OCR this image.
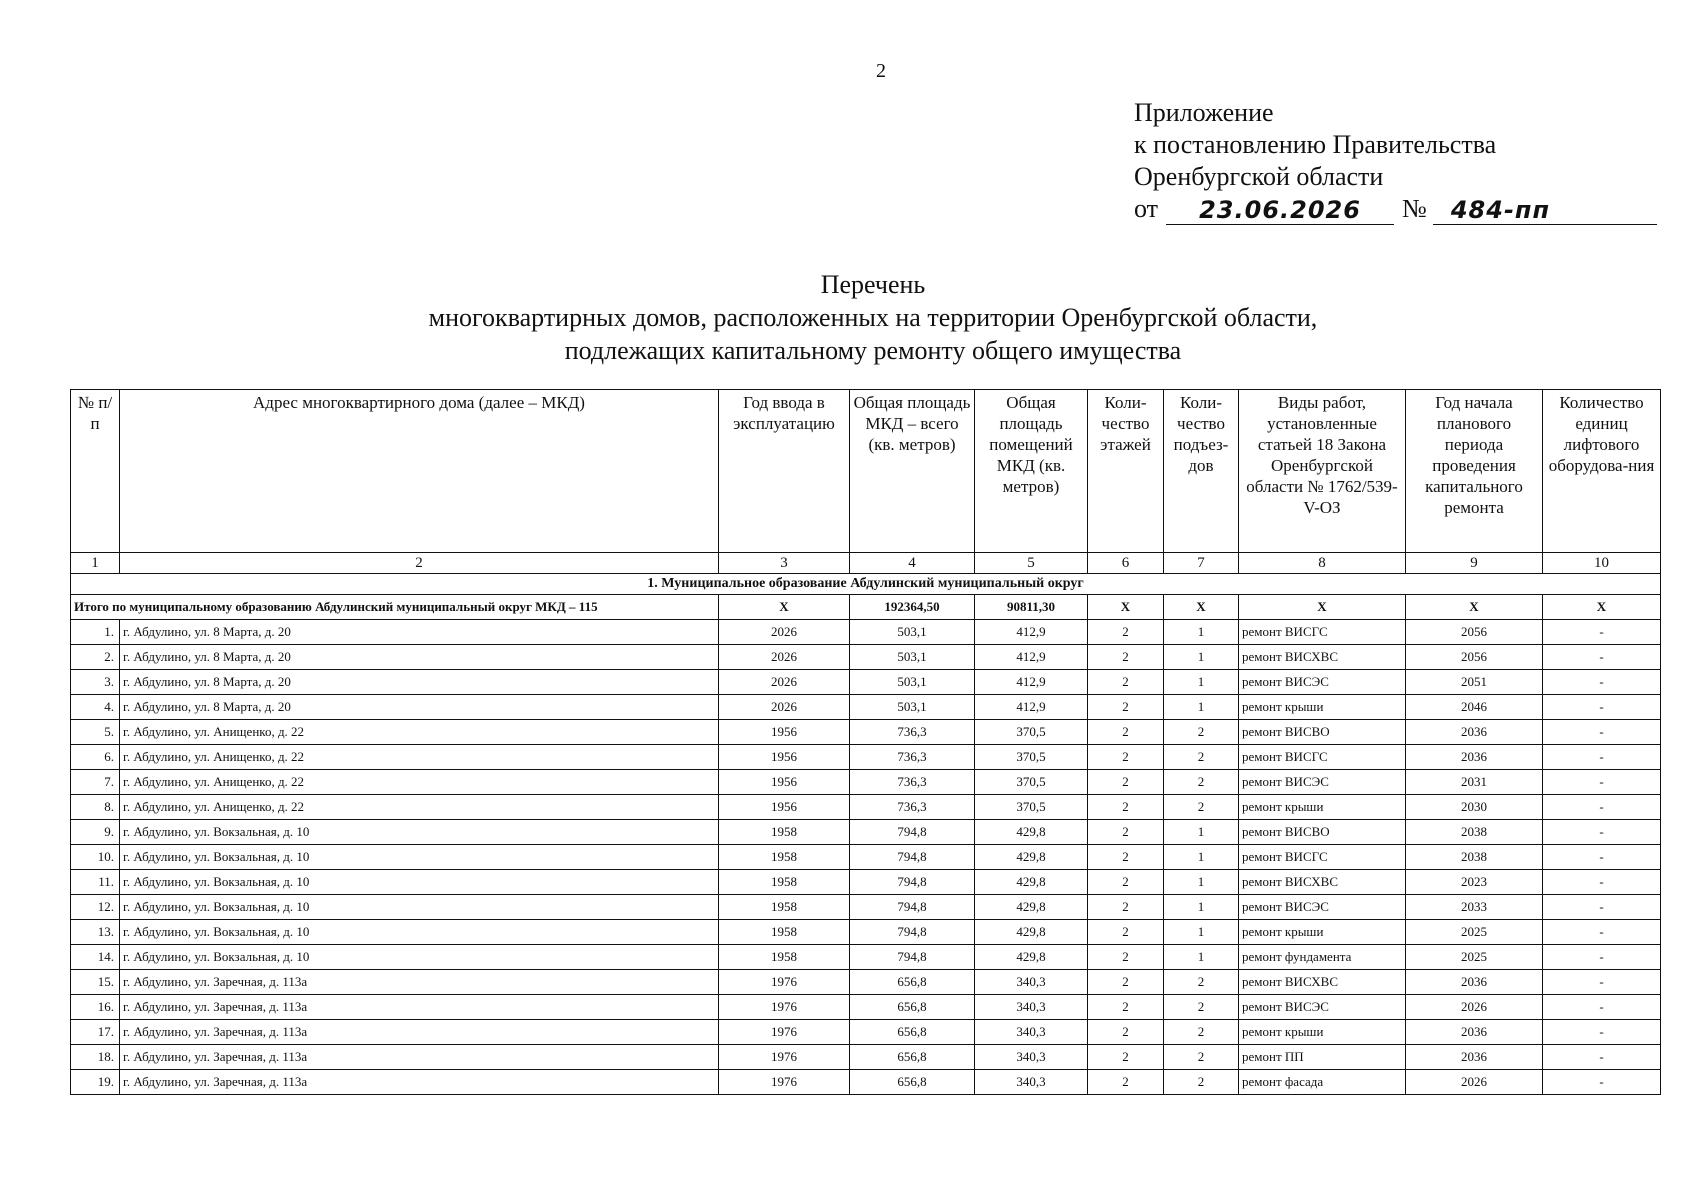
2
Приложение
к постановлению Правительства
Оренбургской области
от	23.06.2026	№	484-пп
Перечень
многоквартирных домов, расположенных на территории Оренбургской области,
подлежащих капитальному ремонту общего имущества
№ п/п	Адрес многоквартирного дома (далее – МКД)	Год ввода в эксплуатацию	Общая площадь МКД – всего (кв. метров)	Общая площадь помещений МКД (кв. метров)	Коли-чество этажей	Коли-чество подъез-дов	Виды работ, установленные статьей 18 Закона Оренбургской области № 1762/539-V-ОЗ	Год начала планового периода проведения капитального ремонта	Количество единиц лифтового оборудова-ния
1	2	3	4	5	6	7	8	9	10
1. Муниципальное образование Абдулинский муниципальный округ									
Итого по муниципальному образованию Абдулинский муниципальный округ МКД – 115		Х	192364,50	90811,30	Х	Х	Х	Х	Х
1.	г. Абдулино, ул. 8 Марта, д. 20	2026	503,1	412,9	2	1	ремонт ВИСГС	2056	-
2.	г. Абдулино, ул. 8 Марта, д. 20	2026	503,1	412,9	2	1	ремонт ВИСХВС	2056	-
3.	г. Абдулино, ул. 8 Марта, д. 20	2026	503,1	412,9	2	1	ремонт ВИСЭС	2051	-
4.	г. Абдулино, ул. 8 Марта, д. 20	2026	503,1	412,9	2	1	ремонт крыши	2046	-
5.	г. Абдулино, ул. Анищенко, д. 22	1956	736,3	370,5	2	2	ремонт ВИСВО	2036	-
6.	г. Абдулино, ул. Анищенко, д. 22	1956	736,3	370,5	2	2	ремонт ВИСГС	2036	-
7.	г. Абдулино, ул. Анищенко, д. 22	1956	736,3	370,5	2	2	ремонт ВИСЭС	2031	-
8.	г. Абдулино, ул. Анищенко, д. 22	1956	736,3	370,5	2	2	ремонт крыши	2030	-
9.	г. Абдулино, ул. Вокзальная, д. 10	1958	794,8	429,8	2	1	ремонт ВИСВО	2038	-
10.	г. Абдулино, ул. Вокзальная, д. 10	1958	794,8	429,8	2	1	ремонт ВИСГС	2038	-
11.	г. Абдулино, ул. Вокзальная, д. 10	1958	794,8	429,8	2	1	ремонт ВИСХВС	2023	-
12.	г. Абдулино, ул. Вокзальная, д. 10	1958	794,8	429,8	2	1	ремонт ВИСЭС	2033	-
13.	г. Абдулино, ул. Вокзальная, д. 10	1958	794,8	429,8	2	1	ремонт крыши	2025	-
14.	г. Абдулино, ул. Вокзальная, д. 10	1958	794,8	429,8	2	1	ремонт фундамента	2025	-
15.	г. Абдулино, ул. Заречная, д. 113а	1976	656,8	340,3	2	2	ремонт ВИСХВС	2036	-
16.	г. Абдулино, ул. Заречная, д. 113а	1976	656,8	340,3	2	2	ремонт ВИСЭС	2026	-
17.	г. Абдулино, ул. Заречная, д. 113а	1976	656,8	340,3	2	2	ремонт крыши	2036	-
18.	г. Абдулино, ул. Заречная, д. 113а	1976	656,8	340,3	2	2	ремонт ПП	2036	-
19.	г. Абдулино, ул. Заречная, д. 113а	1976	656,8	340,3	2	2	ремонт фасада	2026	-
